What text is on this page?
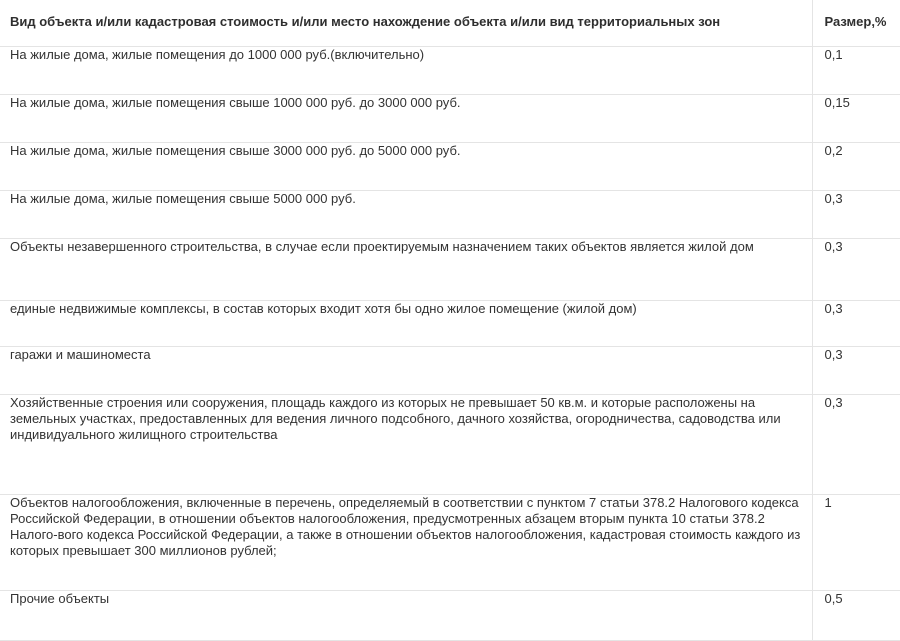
Вид объекта и/или кадастровая стоимость и/или место нахождение объекта и/или вид территориальных зон	Размер,%
На жилые дома, жилые помещения до 1000 000 руб.(включительно)	0,1
На жилые дома, жилые помещения свыше 1000 000 руб. до 3000 000 руб.	0,15
На жилые дома, жилые помещения свыше 3000 000 руб. до 5000 000 руб.	0,2
На жилые дома, жилые помещения свыше 5000 000 руб.	0,3
Объекты незавершенного строительства, в случае если проектируемым назначением таких объектов является жилой дом	0,3
единые недвижимые комплексы, в состав которых входит хотя бы одно жилое помещение (жилой дом)	0,3
гаражи и машиноместа	0,3
Хозяйственные строения или сооружения, площадь каждого из которых не превышает 50 кв.м. и которые расположены на земельных участках, предоставленных для ведения личного подсобного, дачного хозяйства, огородничества, садоводства или индивидуального жилищного строительства	0,3
Объектов налогообложения, включенные в перечень, определяемый в соответствии с пунктом 7 статьи 378.2 Налогового кодекса Российской Федерации, в отношении объектов налогообложения, предусмотренных абзацем вторым пункта 10 статьи 378.2 Налого-вого кодекса Российской Федерации, а также в отношении объектов налогообложения, кадастровая стоимость каждого из которых превышает 300 миллионов рублей;	1
Прочие объекты	0,5
